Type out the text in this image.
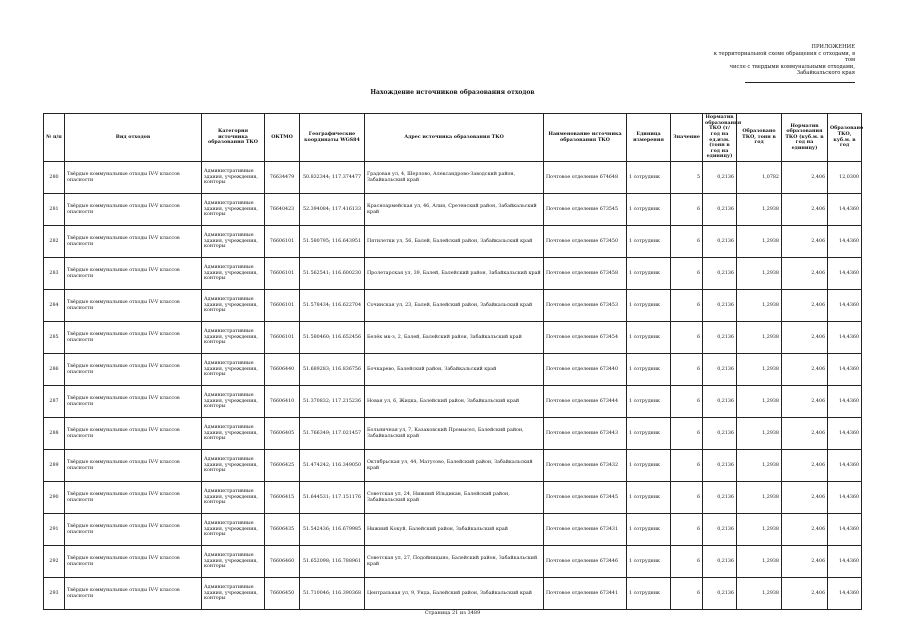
ПРИЛОЖЕНИЕ
к территориальной схеме обращения с отходами, в том
числе с твердыми коммунальными отходами,
Забайкальского края
Нахождение источников образования отходов
№ п/п	Вид отходов	Категория источника образования ТКО	ОКТМО	Географические координаты WGS84	Адрес источника образования ТКО	Наименование источника образования ТКО	Единица измерения	Значение	Норматив образования ТКО (т/год на ед.изм. (тонн в год на единицу)	Образовано ТКО, тонн в год	Норматив образования ТКО (куб.м. в год на единицу)	Образовано ТКО, куб.м. в год
280	Твёрдые коммунальные отходы IV-V классов опасности	Административные здания, учреждения, конторы	76634479	50.832344; 117.374477	Градовая ул, 4, Шерлово, Александрово-Заводский район, Забайкальский край	Почтовое отделение 674648	1 сотрудник	5	0,2136	1,0782	2,406	12,0300
281	Твёрдые коммунальные отходы IV-V классов опасности	Административные здания, учреждения, конторы	76640423	52.394084; 117.416133	Красноармейская ул, 46, Алия, Сретенский район, Забайкальский край	Почтовое отделение 673545	1 сотрудник	6	0,2136	1,2938	2,406	14,4360
282	Твёрдые коммунальные отходы IV-V классов опасности	Административные здания, учреждения, конторы	76606101	51.580795; 116.643951	Пятилетки ул, 56, Балей, Балейский район, Забайкальский край	Почтовое отделение 673450	1 сотрудник	6	0,2136	1,2938	2,406	14,4360
283	Твёрдые коммунальные отходы IV-V классов опасности	Административные здания, учреждения, конторы	76606101	51.562541; 116.600230	Пролетарская ул, 39, Балей, Балейский район, Забайкальский край	Почтовое отделение 673458	1 сотрудник	6	0,2136	1,2938	2,406	14,4360
284	Твёрдые коммунальные отходы IV-V классов опасности	Административные здания, учреждения, конторы	76606101	51.578434; 116.622704	Сочинская ул, 23, Балей, Балейский район, Забайкальский край	Почтовое отделение 673453	1 сотрудник	6	0,2136	1,2938	2,406	14,4360
285	Твёрдые коммунальные отходы IV-V классов опасности	Административные здания, учреждения, конторы	76606101	51.580460; 116.652456	Белёк мк-з, 2, Балей, Балейский район, Забайкальский край	Почтовое отделение 673454	1 сотрудник	6	0,2136	1,2938	2,406	14,4360
286	Твёрдые коммунальные отходы IV-V классов опасности	Административные здания, учреждения, конторы	76606440	51.689283; 116.836756	Бочкарево, Балейский район, Забайкальский край	Почтовое отделение 673440	1 сотрудник	6	0,2136	1,2938	2,406	14,4360
287	Твёрдые коммунальные отходы IV-V классов опасности	Административные здания, учреждения, конторы	76606410	51.370832; 117.215236	Новая ул, 6, Жидка, Балейский район, Забайкальский край	Почтовое отделение 673444	1 сотрудник	6	0,2136	1,2938	2,406	14,4360
288	Твёрдые коммунальные отходы IV-V классов опасности	Административные здания, учреждения, конторы	76606405	51.766349; 117.021457	Больничная ул, 7, Казаковский Промысел, Балейский район, Забайкальский край	Почтовое отделение 673443	1 сотрудник	6	0,2136	1,2938	2,406	14,4360
289	Твёрдые коммунальные отходы IV-V классов опасности	Административные здания, учреждения, конторы	76606425	51.474242; 116.349050	Октябрьская ул, 44, Матусово, Балейский район, Забайкальский край	Почтовое отделение 673432	1 сотрудник	6	0,2136	1,2938	2,406	14,4360
290	Твёрдые коммунальные отходы IV-V классов опасности	Административные здания, учреждения, конторы	76606415	51.644531; 117.151176	Советская ул, 24, Нижний Ильдикан, Балейский район, Забайкальский край	Почтовое отделение 673445	1 сотрудник	6	0,2136	1,2938	2,406	14,4360
291	Твёрдые коммунальные отходы IV-V классов опасности	Административные здания, учреждения, конторы	76606435	51.542436; 116.679985	Нижний Кокуй, Балейский район, Забайкальский край	Почтовое отделение 673431	1 сотрудник	6	0,2136	1,2938	2,406	14,4360
292	Твёрдые коммунальные отходы IV-V классов опасности	Административные здания, учреждения, конторы	76606460	51.652098; 116.788961	Советская ул, 27, Подойницыно, Балейский район, Забайкальский край	Почтовое отделение 673446	1 сотрудник	6	0,2136	1,2938	2,406	14,4360
293	Твёрдые коммунальные отходы IV-V классов опасности	Административные здания, учреждения, конторы	76606450	51.710046; 116.390368	Центральная ул, 9, Ундa, Балейский район, Забайкальский край	Почтовое отделение 673441	1 сотрудник	6	0,2136	1,2938	2,406	14,4360
Страница 21 из 3489
